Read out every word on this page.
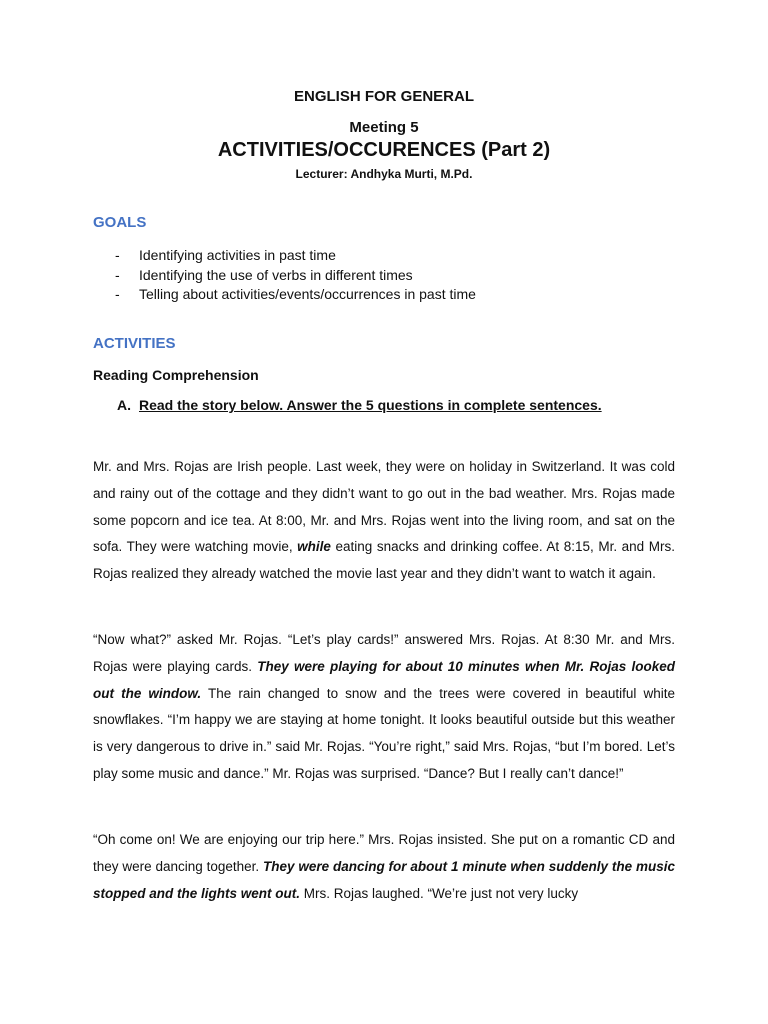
ENGLISH FOR GENERAL
Meeting 5
ACTIVITIES/OCCURENCES (Part 2)
Lecturer: Andhyka Murti, M.Pd.
GOALS
-	Identifying activities in past time
-	Identifying the use of verbs in different times
-	Telling about activities/events/occurrences in past time
ACTIVITIES
Reading Comprehension
A. Read the story below. Answer the 5 questions in complete sentences.

Mr. and Mrs. Rojas are Irish people. Last week, they were on holiday in Switzerland. It was cold and rainy out of the cottage and they didn’t want to go out in the bad weather. Mrs. Rojas made some popcorn and ice tea. At 8:00, Mr. and Mrs. Rojas went into the living room, and sat on the sofa. They were watching movie, while eating snacks and drinking coffee. At 8:15, Mr. and Mrs. Rojas realized they already watched the movie last year and they didn’t want to watch it again.

“Now what?” asked Mr. Rojas. “Let’s play cards!” answered Mrs. Rojas. At 8:30 Mr. and Mrs. Rojas were playing cards. They were playing for about 10 minutes when Mr. Rojas looked out the window. The rain changed to snow and the trees were covered in beautiful white snowflakes. “I’m happy we are staying at home tonight. It looks beautiful outside but this weather is very dangerous to drive in.” said Mr. Rojas. “You’re right,” said Mrs. Rojas, “but I’m bored. Let’s play some music and dance.” Mr. Rojas was surprised. “Dance? But I really can’t dance!”

“Oh come on! We are enjoying our trip here.” Mrs. Rojas insisted. She put on a romantic CD and they were dancing together. They were dancing for about 1 minute when suddenly the music stopped and the lights went out. Mrs. Rojas laughed. “We’re just not very lucky
